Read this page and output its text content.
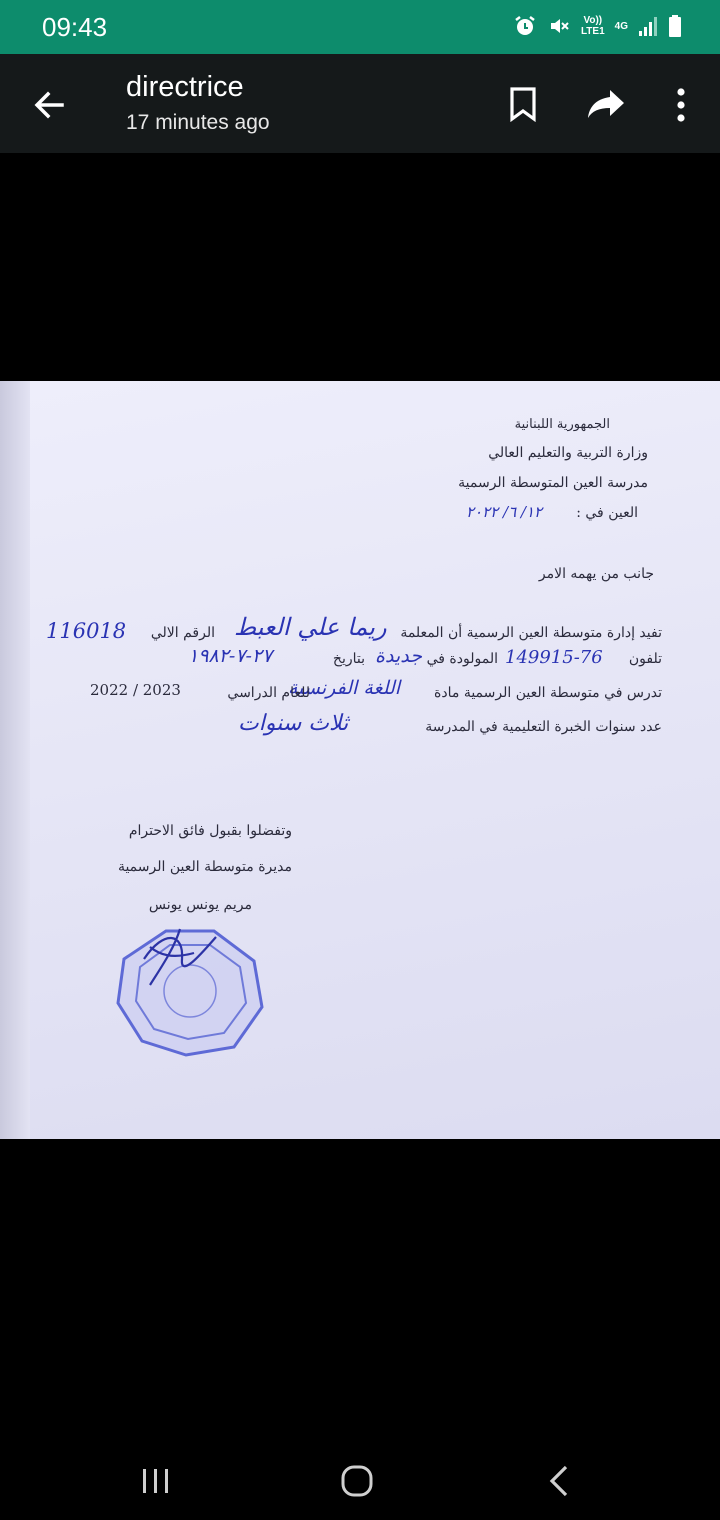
09:43	Vo))
LTE1 4G
directrice
17 minutes ago
الجمهورية اللبنانية
وزارة التربية والتعليم العالي
مدرسة العين المتوسطة الرسمية
العين في :
١٢/ ٦/ ٢٠٢٢
جانب من يهمه الامر
تفيد إدارة متوسطة العين الرسمية أن المعلمة
ريما علي العبط
الرقم الالي
116018
تلفون
149915-76
المولودة في
جديدة
بتاريخ
٢٧-٧-١٩٨٢
تدرس في متوسطة العين الرسمية مادة
اللغة الفرنسية
للعام الدراسي
2022 / 2023
عدد سنوات الخبرة التعليمية في المدرسة
ثلاث سنوات
وتفضلوا بقبول فائق الاحترام
مديرة متوسطة العين الرسمية
مريم يونس يونس
